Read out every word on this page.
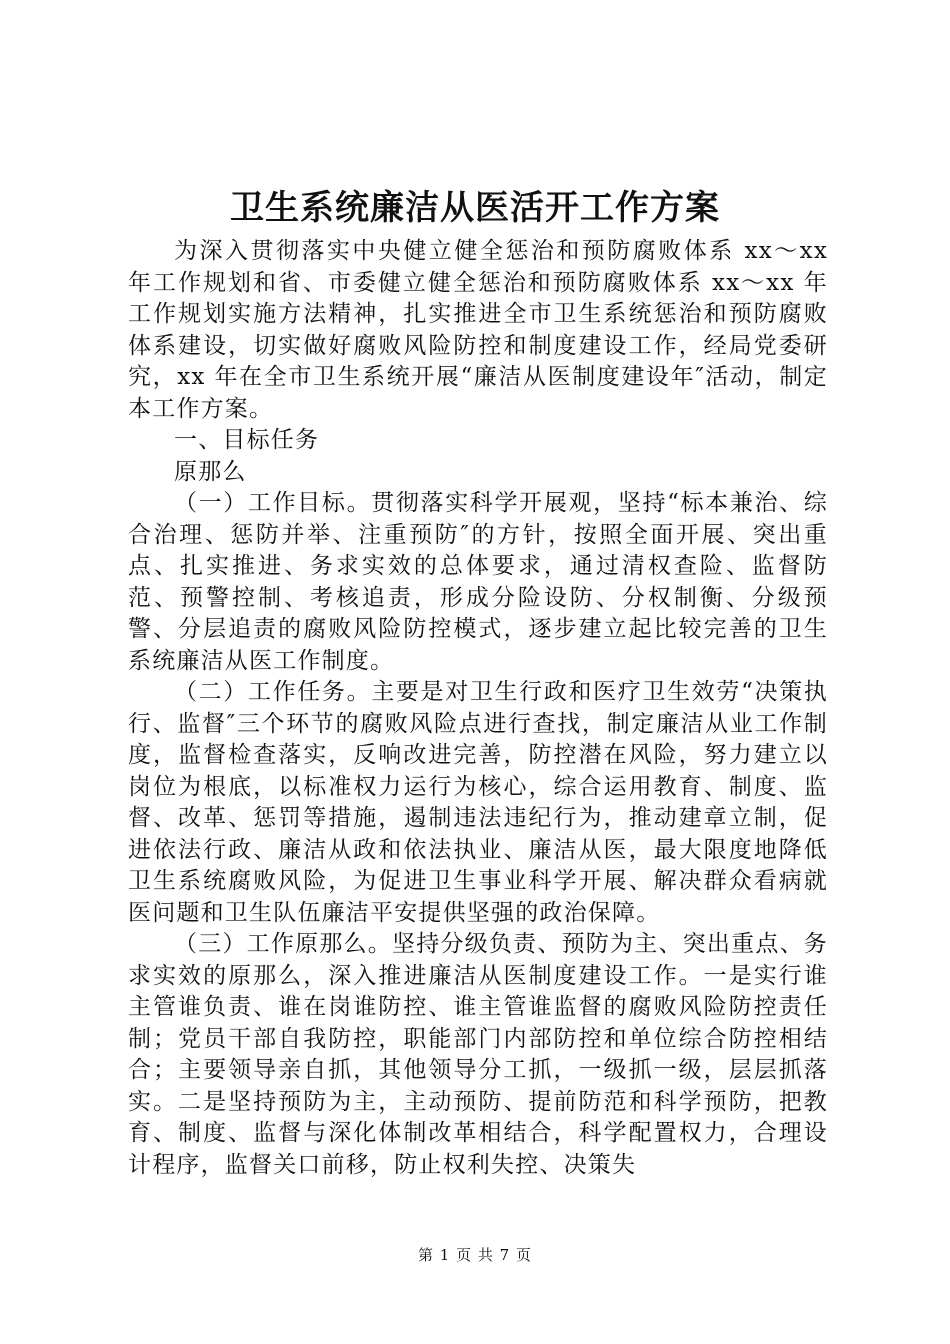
卫生系统廉洁从医活开工作方案

为深入贯彻落实中央健立健全惩治和预防腐败体系 xx～xx 年工作规划和省、市委健立健全惩治和预防腐败体系 xx～xx 年工作规划实施方法精神，扎实推进全市卫生系统惩治和预防腐败体系建设，切实做好腐败风险防控和制度建设工作，经局党委研究，xx 年在全市卫生系统开展“廉洁从医制度建设年″活动，制定本工作方案。

一、目标任务

原那么

（一）工作目标。贯彻落实科学开展观，坚持“标本兼治、综合治理、惩防并举、注重预防″的方针，按照全面开展、突出重点、扎实推进、务求实效的总体要求，通过清权查险、监督防范、预警控制、考核追责，形成分险设防、分权制衡、分级预警、分层追责的腐败风险防控模式，逐步建立起比较完善的卫生系统廉洁从医工作制度。

（二）工作任务。主要是对卫生行政和医疗卫生效劳“决策执行、监督″三个环节的腐败风险点进行查找，制定廉洁从业工作制度，监督检查落实，反响改进完善，防控潜在风险，努力建立以岗位为根底，以标准权力运行为核心，综合运用教育、制度、监督、改革、惩罚等措施，遏制违法违纪行为，推动建章立制，促进依法行政、廉洁从政和依法执业、廉洁从医，最大限度地降低卫生系统腐败风险，为促进卫生事业科学开展、解决群众看病就医问题和卫生队伍廉洁平安提供坚强的政治保障。

（三）工作原那么。坚持分级负责、预防为主、突出重点、务求实效的原那么，深入推进廉洁从医制度建设工作。一是实行谁主管谁负责、谁在岗谁防控、谁主管谁监督的腐败风险防控责任制；党员干部自我防控，职能部门内部防控和单位综合防控相结合；主要领导亲自抓，其他领导分工抓，一级抓一级，层层抓落实。二是坚持预防为主，主动预防、提前防范和科学预防，把教育、制度、监督与深化体制改革相结合，科学配置权力，合理设计程序，监督关口前移，防止权利失控、决策失

第 1 页 共 7 页
